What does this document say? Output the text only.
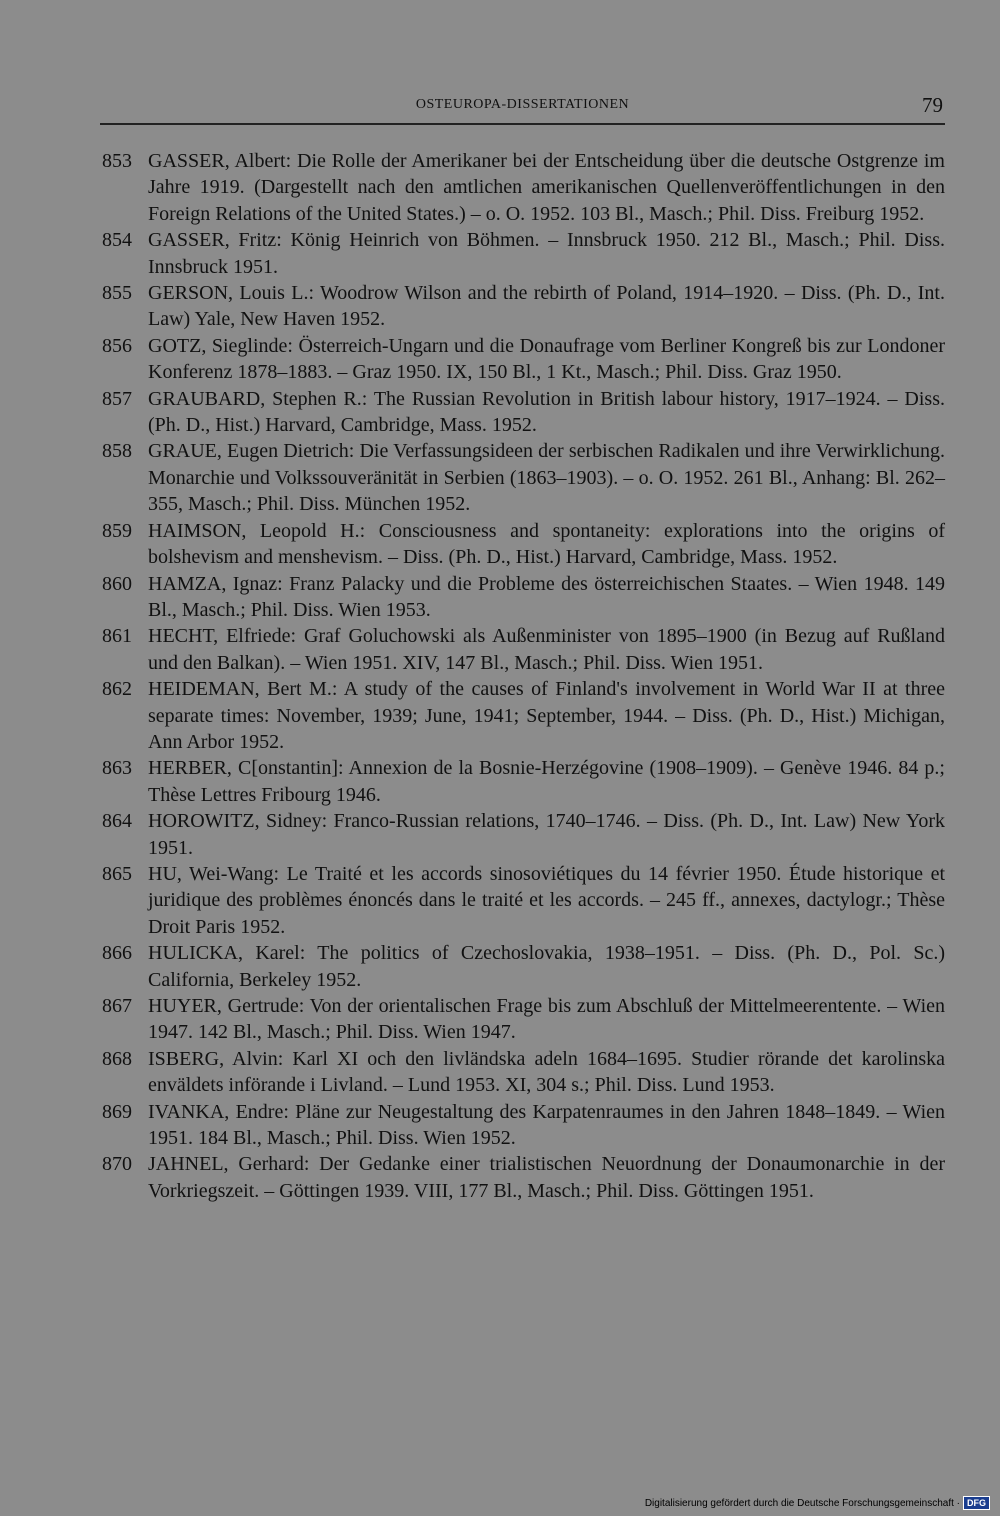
OSTEUROPA-DISSERTATIONEN	79
853 GASSER, Albert: Die Rolle der Amerikaner bei der Entscheidung über die deutsche Ostgrenze im Jahre 1919. (Dargestellt nach den amtlichen amerikanischen Quellenveröffentlichungen in den Foreign Relations of the United States.) – o. O. 1952. 103 Bl., Masch.; Phil. Diss. Freiburg 1952.
854 GASSER, Fritz: König Heinrich von Böhmen. – Innsbruck 1950. 212 Bl., Masch.; Phil. Diss. Innsbruck 1951.
855 GERSON, Louis L.: Woodrow Wilson and the rebirth of Poland, 1914–1920. – Diss. (Ph. D., Int. Law) Yale, New Haven 1952.
856 GOTZ, Sieglinde: Österreich-Ungarn und die Donaufrage vom Berliner Kongreß bis zur Londoner Konferenz 1878–1883. – Graz 1950. IX, 150 Bl., 1 Kt., Masch.; Phil. Diss. Graz 1950.
857 GRAUBARD, Stephen R.: The Russian Revolution in British labour history, 1917–1924. – Diss. (Ph. D., Hist.) Harvard, Cambridge, Mass. 1952.
858 GRAUE, Eugen Dietrich: Die Verfassungsideen der serbischen Radikalen und ihre Verwirklichung. Monarchie und Volkssouveränität in Serbien (1863–1903). – o. O. 1952. 261 Bl., Anhang: Bl. 262–355, Masch.; Phil. Diss. München 1952.
859 HAIMSON, Leopold H.: Consciousness and spontaneity: explorations into the origins of bolshevism and menshevism. – Diss. (Ph. D., Hist.) Harvard, Cambridge, Mass. 1952.
860 HAMZA, Ignaz: Franz Palacky und die Probleme des österreichischen Staates. – Wien 1948. 149 Bl., Masch.; Phil. Diss. Wien 1953.
861 HECHT, Elfriede: Graf Goluchowski als Außenminister von 1895–1900 (in Bezug auf Rußland und den Balkan). – Wien 1951. XIV, 147 Bl., Masch.; Phil. Diss. Wien 1951.
862 HEIDEMAN, Bert M.: A study of the causes of Finland's involvement in World War II at three separate times: November, 1939; June, 1941; September, 1944. – Diss. (Ph. D., Hist.) Michigan, Ann Arbor 1952.
863 HERBER, C[onstantin]: Annexion de la Bosnie-Herzégovine (1908–1909). – Genève 1946. 84 p.; Thèse Lettres Fribourg 1946.
864 HOROWITZ, Sidney: Franco-Russian relations, 1740–1746. – Diss. (Ph. D., Int. Law) New York 1951.
865 HU, Wei-Wang: Le Traité et les accords sinosoviétiques du 14 février 1950. Étude historique et juridique des problèmes énoncés dans le traité et les accords. – 245 ff., annexes, dactylogr.; Thèse Droit Paris 1952.
866 HULICKA, Karel: The politics of Czechoslovakia, 1938–1951. – Diss. (Ph. D., Pol. Sc.) California, Berkeley 1952.
867 HUYER, Gertrude: Von der orientalischen Frage bis zum Abschluß der Mittelmeerentente. – Wien 1947. 142 Bl., Masch.; Phil. Diss. Wien 1947.
868 ISBERG, Alvin: Karl XI och den livländska adeln 1684–1695. Studier rörande det karolinska enväldets införande i Livland. – Lund 1953. XI, 304 s.; Phil. Diss. Lund 1953.
869 IVANKA, Endre: Pläne zur Neugestaltung des Karpatenraumes in den Jahren 1848–1849. – Wien 1951. 184 Bl., Masch.; Phil. Diss. Wien 1952.
870 JAHNEL, Gerhard: Der Gedanke einer trialistischen Neuordnung der Donaumonarchie in der Vorkriegszeit. – Göttingen 1939. VIII, 177 Bl., Masch.; Phil. Diss. Göttingen 1951.
Digitalisierung gefördert durch die Deutsche Forschungsgemeinschaft · DFG
